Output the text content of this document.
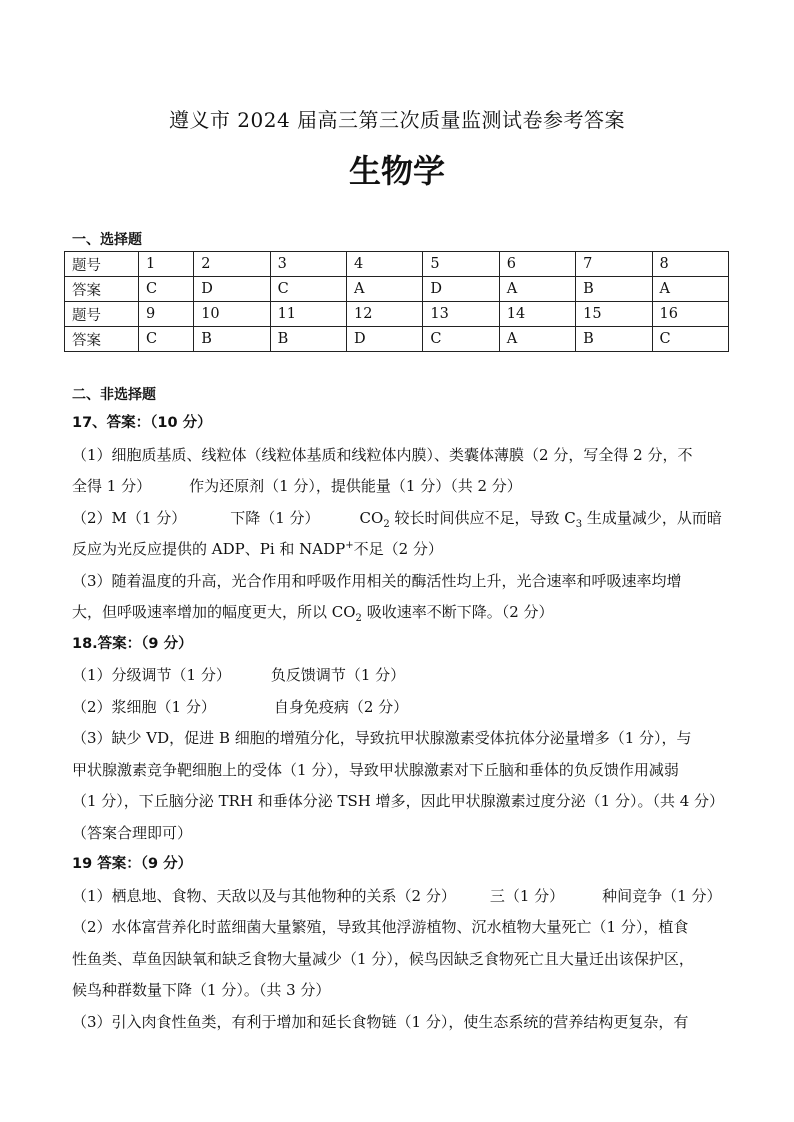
遵义市 2024 届高三第三次质量监测试卷参考答案
生物学
一、选择题
题号	1	2	3	4	5	6	7	8
答案	C	D	C	A	D	A	B	A
题号	9	10	11	12	13	14	15	16
答案	C	B	B	D	C	A	B	C
二、非选择题
17、答案：（10 分）
（1）细胞质基质、线粒体（线粒体基质和线粒体内膜）、类囊体薄膜（2 分，写全得 2 分，不
全得 1 分）	作为还原剂（1 分），提供能量（1 分）（共 2 分）
（2）M（1 分）	下降（1 分）	$CO_2$ 较长时间供应不足，导致 $C_3$ 生成量减少，从而暗
反应为光反应提供的 ADP、Pi 和 NADP+不足（2 分）
（3）随着温度的升高，光合作用和呼吸作用相关的酶活性均上升，光合速率和呼吸速率均增
大，但呼吸速率增加的幅度更大，所以 $CO_2$ 吸收速率不断下降。（2 分）
18.答案：（9 分）
（1）分级调节（1 分）	负反馈调节（1 分）
（2）浆细胞（1 分）	自身免疫病（2 分）
（3）缺少 VD，促进 B 细胞的增殖分化，导致抗甲状腺激素受体抗体分泌量增多（1 分），与
甲状腺激素竞争靶细胞上的受体（1 分），导致甲状腺激素对下丘脑和垂体的负反馈作用减弱
（1 分），下丘脑分泌 TRH 和垂体分泌 TSH 增多，因此甲状腺激素过度分泌（1 分）。（共 4 分）
（答案合理即可）
19 答案：（9 分）
（1）栖息地、食物、天敌以及与其他物种的关系（2 分） 三（1 分）	种间竞争（1 分）
（2）水体富营养化时蓝细菌大量繁殖，导致其他浮游植物、沉水植物大量死亡（1 分），植食
性鱼类、草鱼因缺氧和缺乏食物大量减少（1 分），候鸟因缺乏食物死亡且大量迁出该保护区，
候鸟种群数量下降（1 分）。（共 3 分）
（3）引入肉食性鱼类，有利于增加和延长食物链（1 分），使生态系统的营养结构更复杂，有
